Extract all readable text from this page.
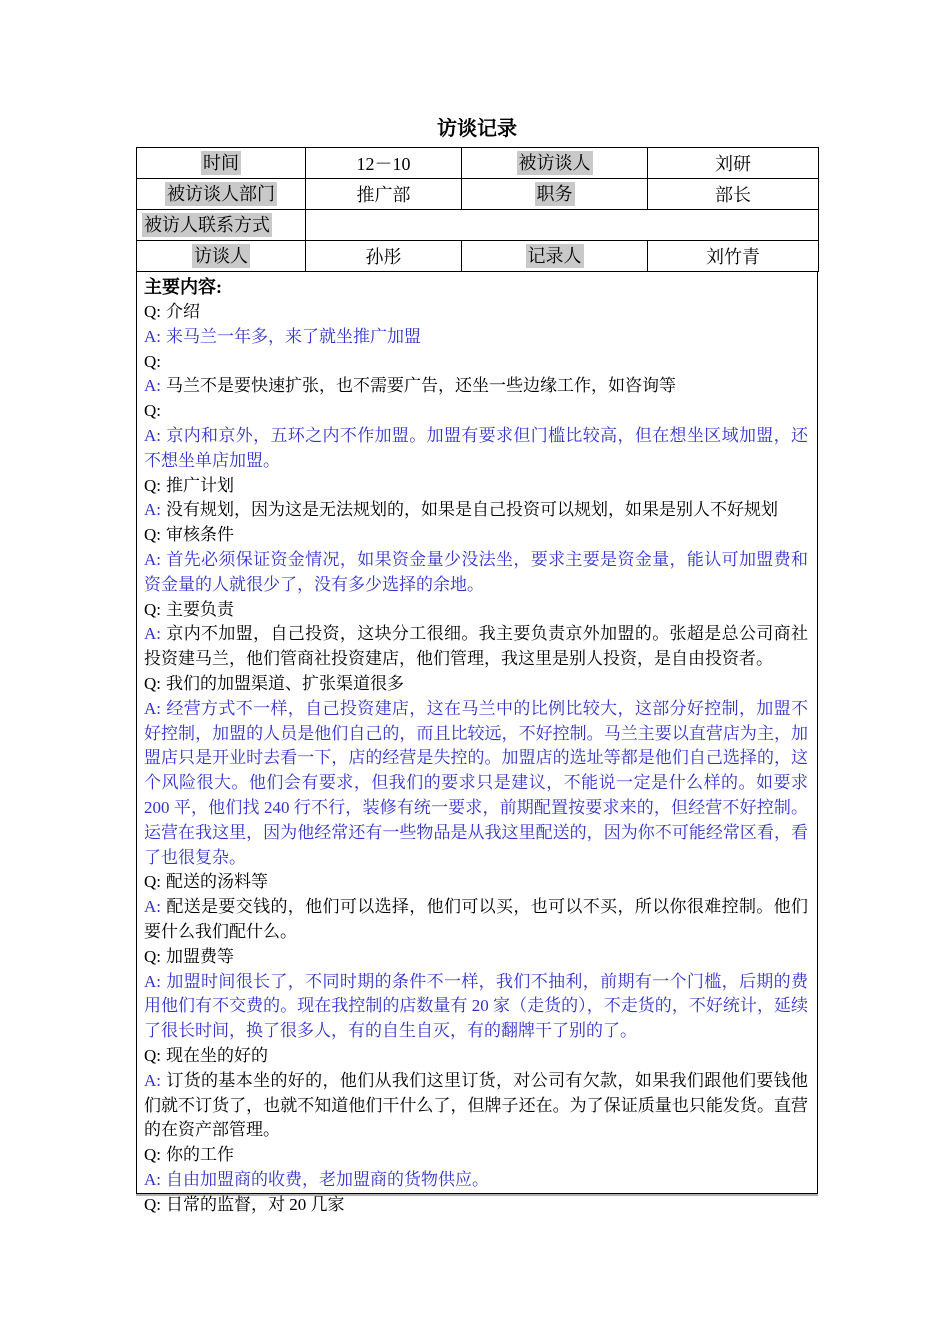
访谈记录
时间	12－10	被访谈人	刘研
被访谈人部门	推广部	职务	部长
被访人联系方式			
访谈人	孙彤	记录人	刘竹青
主要内容:
Q: 介绍
A: 来马兰一年多，来了就坐推广加盟
Q:
A: 马兰不是要快速扩张，也不需要广告，还坐一些边缘工作，如咨询等
Q:
A: 京内和京外，五环之内不作加盟。加盟有要求但门槛比较高，但在想坐区域加盟，还不想坐单店加盟。
Q: 推广计划
A: 没有规划，因为这是无法规划的，如果是自己投资可以规划，如果是别人不好规划
Q: 审核条件
A: 首先必须保证资金情况，如果资金量少没法坐，要求主要是资金量，能认可加盟费和资金量的人就很少了，没有多少选择的余地。
Q: 主要负责
A: 京内不加盟，自己投资，这块分工很细。我主要负责京外加盟的。张超是总公司商社投资建马兰，他们管商社投资建店，他们管理，我这里是别人投资，是自由投资者。
Q: 我们的加盟渠道、扩张渠道很多
A: 经营方式不一样，自己投资建店，这在马兰中的比例比较大，这部分好控制，加盟不好控制，加盟的人员是他们自己的，而且比较远，不好控制。马兰主要以直营店为主，加盟店只是开业时去看一下，店的经营是失控的。加盟店的选址等都是他们自己选择的，这个风险很大。他们会有要求，但我们的要求只是建议，不能说一定是什么样的。如要求 200 平，他们找 240 行不行，装修有统一要求，前期配置按要求来的，但经营不好控制。运营在我这里，因为他经常还有一些物品是从我这里配送的，因为你不可能经常区看，看了也很复杂。
Q: 配送的汤料等
A: 配送是要交钱的，他们可以选择，他们可以买，也可以不买，所以你很难控制。他们要什么我们配什么。
Q: 加盟费等
A: 加盟时间很长了，不同时期的条件不一样，我们不抽利，前期有一个门槛，后期的费用他们有不交费的。现在我控制的店数量有 20 家（走货的），不走货的，不好统计，延续了很长时间，换了很多人，有的自生自灭，有的翻牌干了别的了。
Q: 现在坐的好的
A: 订货的基本坐的好的，他们从我们这里订货，对公司有欠款，如果我们跟他们要钱他们就不订货了，也就不知道他们干什么了，但牌子还在。为了保证质量也只能发货。直营的在资产部管理。
Q: 你的工作
A: 自由加盟商的收费，老加盟商的货物供应。
Q: 日常的监督，对 20 几家
